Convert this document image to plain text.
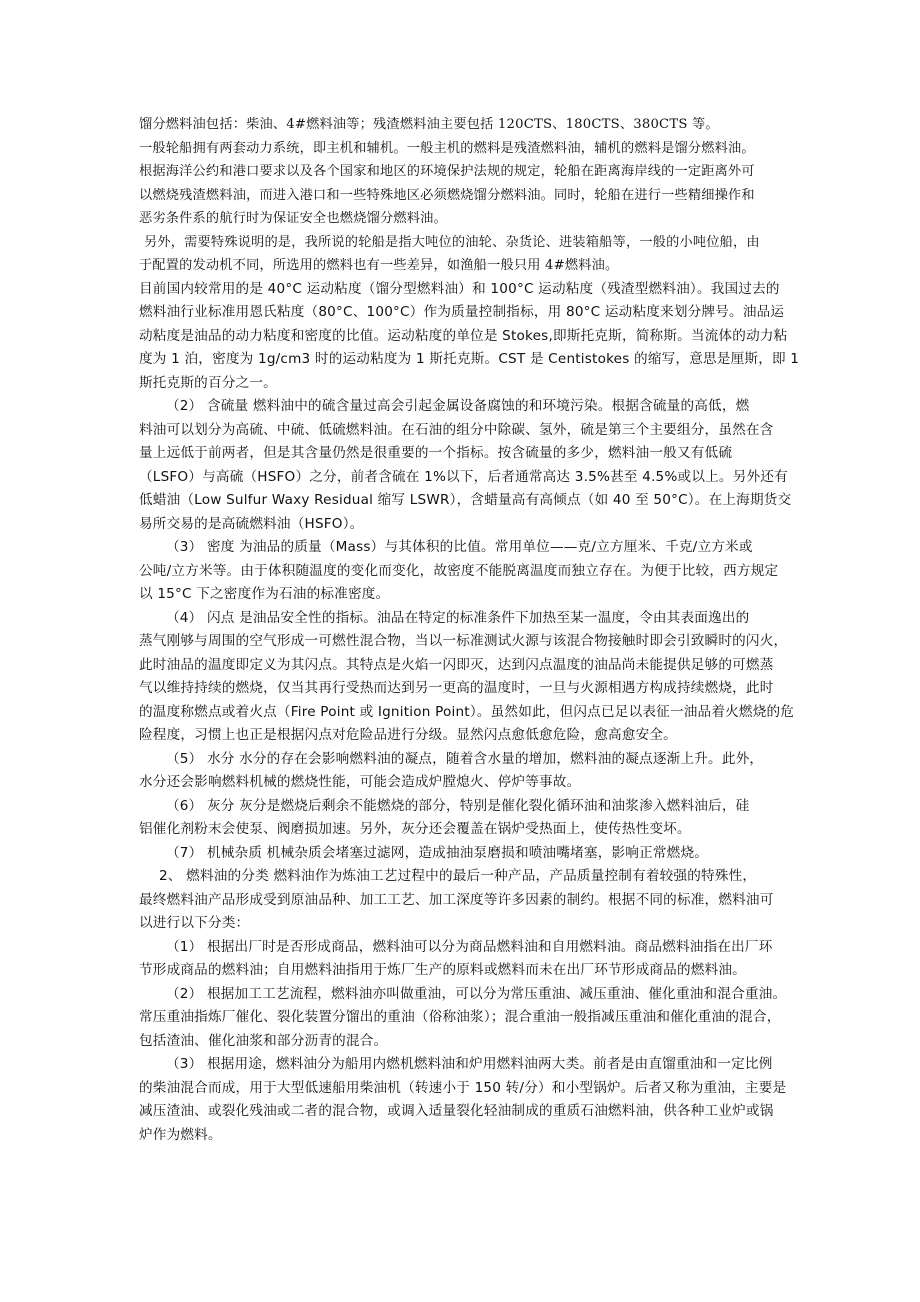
馏分燃料油包括：柴油、4#燃料油等；残渣燃料油主要包括 120CTS、180CTS、380CTS 等。
一般轮船拥有两套动力系统，即主机和辅机。一般主机的燃料是残渣燃料油，辅机的燃料是馏分燃料油。
根据海洋公约和港口要求以及各个国家和地区的环境保护法规的规定，轮船在距离海岸线的一定距离外可
以燃烧残渣燃料油，而进入港口和一些特殊地区必须燃烧馏分燃料油。同时，轮船在进行一些精细操作和
恶劣条件系的航行时为保证安全也燃烧馏分燃料油。
另外，需要特殊说明的是，我所说的轮船是指大吨位的油轮、杂货论、进装箱船等，一般的小吨位船，由
于配置的发动机不同，所选用的燃料也有一些差异，如渔船一般只用 4#燃料油。
目前国内较常用的是 40°C 运动粘度（馏分型燃料油）和 100°C 运动粘度（残渣型燃料油）。我国过去的
燃料油行业标准用恩氏粘度（80°C、100°C）作为质量控制指标，用 80°C 运动粘度来划分牌号。油品运
动粘度是油品的动力粘度和密度的比值。运动粘度的单位是 Stokes,即斯托克斯，简称斯。当流体的动力粘
度为 1 泊，密度为 1g/cm3 时的运动粘度为 1 斯托克斯。CST 是 Centistokes 的缩写，意思是厘斯，即 1
斯托克斯的百分之一。
（2） 含硫量 燃料油中的硫含量过高会引起金属设备腐蚀的和环境污染。根据含硫量的高低，燃
料油可以划分为高硫、中硫、低硫燃料油。在石油的组分中除碳、氢外，硫是第三个主要组分，虽然在含
量上远低于前两者，但是其含量仍然是很重要的一个指标。按含硫量的多少，燃料油一般又有低硫
（LSFO）与高硫（HSFO）之分，前者含硫在 1%以下，后者通常高达 3.5%甚至 4.5%或以上。另外还有
低蜡油（Low Sulfur Waxy Residual 缩写 LSWR），含蜡量高有高倾点（如 40 至 50°C）。在上海期货交
易所交易的是高硫燃料油（HSFO）。
（3） 密度 为油品的质量（Mass）与其体积的比值。常用单位——克/立方厘米、千克/立方米或
公吨/立方米等。由于体积随温度的变化而变化，故密度不能脱离温度而独立存在。为便于比较，西方规定
以 15°C 下之密度作为石油的标准密度。
（4） 闪点 是油品安全性的指标。油品在特定的标准条件下加热至某一温度，令由其表面逸出的
蒸气刚够与周围的空气形成一可燃性混合物，当以一标准测试火源与该混合物接触时即会引致瞬时的闪火，
此时油品的温度即定义为其闪点。其特点是火焰一闪即灭，达到闪点温度的油品尚未能提供足够的可燃蒸
气以维持持续的燃烧，仅当其再行受热而达到另一更高的温度时，一旦与火源相遇方构成持续燃烧，此时
的温度称燃点或着火点（Fire Point 或 Ignition Point）。虽然如此，但闪点已足以表征一油品着火燃烧的危
险程度，习惯上也正是根据闪点对危险品进行分级。显然闪点愈低愈危险，愈高愈安全。
（5） 水分 水分的存在会影响燃料油的凝点，随着含水量的增加，燃料油的凝点逐渐上升。此外，
水分还会影响燃料机械的燃烧性能，可能会造成炉膛熄火、停炉等事故。
（6） 灰分 灰分是燃烧后剩余不能燃烧的部分，特别是催化裂化循环油和油浆渗入燃料油后，硅
铝催化剂粉末会使泵、阀磨损加速。另外，灰分还会覆盖在锅炉受热面上，使传热性变坏。
（7） 机械杂质 机械杂质会堵塞过滤网，造成抽油泵磨损和喷油嘴堵塞，影响正常燃烧。
2、 燃料油的分类 燃料油作为炼油工艺过程中的最后一种产品，产品质量控制有着较强的特殊性，
最终燃料油产品形成受到原油品种、加工工艺、加工深度等许多因素的制约。根据不同的标准，燃料油可
以进行以下分类：
（1） 根据出厂时是否形成商品，燃料油可以分为商品燃料油和自用燃料油。商品燃料油指在出厂环
节形成商品的燃料油；自用燃料油指用于炼厂生产的原料或燃料而未在出厂环节形成商品的燃料油。
（2） 根据加工工艺流程，燃料油亦叫做重油，可以分为常压重油、减压重油、催化重油和混合重油。
常压重油指炼厂催化、裂化装置分馏出的重油（俗称油浆）；混合重油一般指减压重油和催化重油的混合，
包括渣油、催化油浆和部分沥青的混合。
（3） 根据用途，燃料油分为船用内燃机燃料油和炉用燃料油两大类。前者是由直馏重油和一定比例
的柴油混合而成，用于大型低速船用柴油机（转速小于 150 转/分）和小型锅炉。后者又称为重油，主要是
减压渣油、或裂化残油或二者的混合物，或调入适量裂化轻油制成的重质石油燃料油，供各种工业炉或锅
炉作为燃料。
